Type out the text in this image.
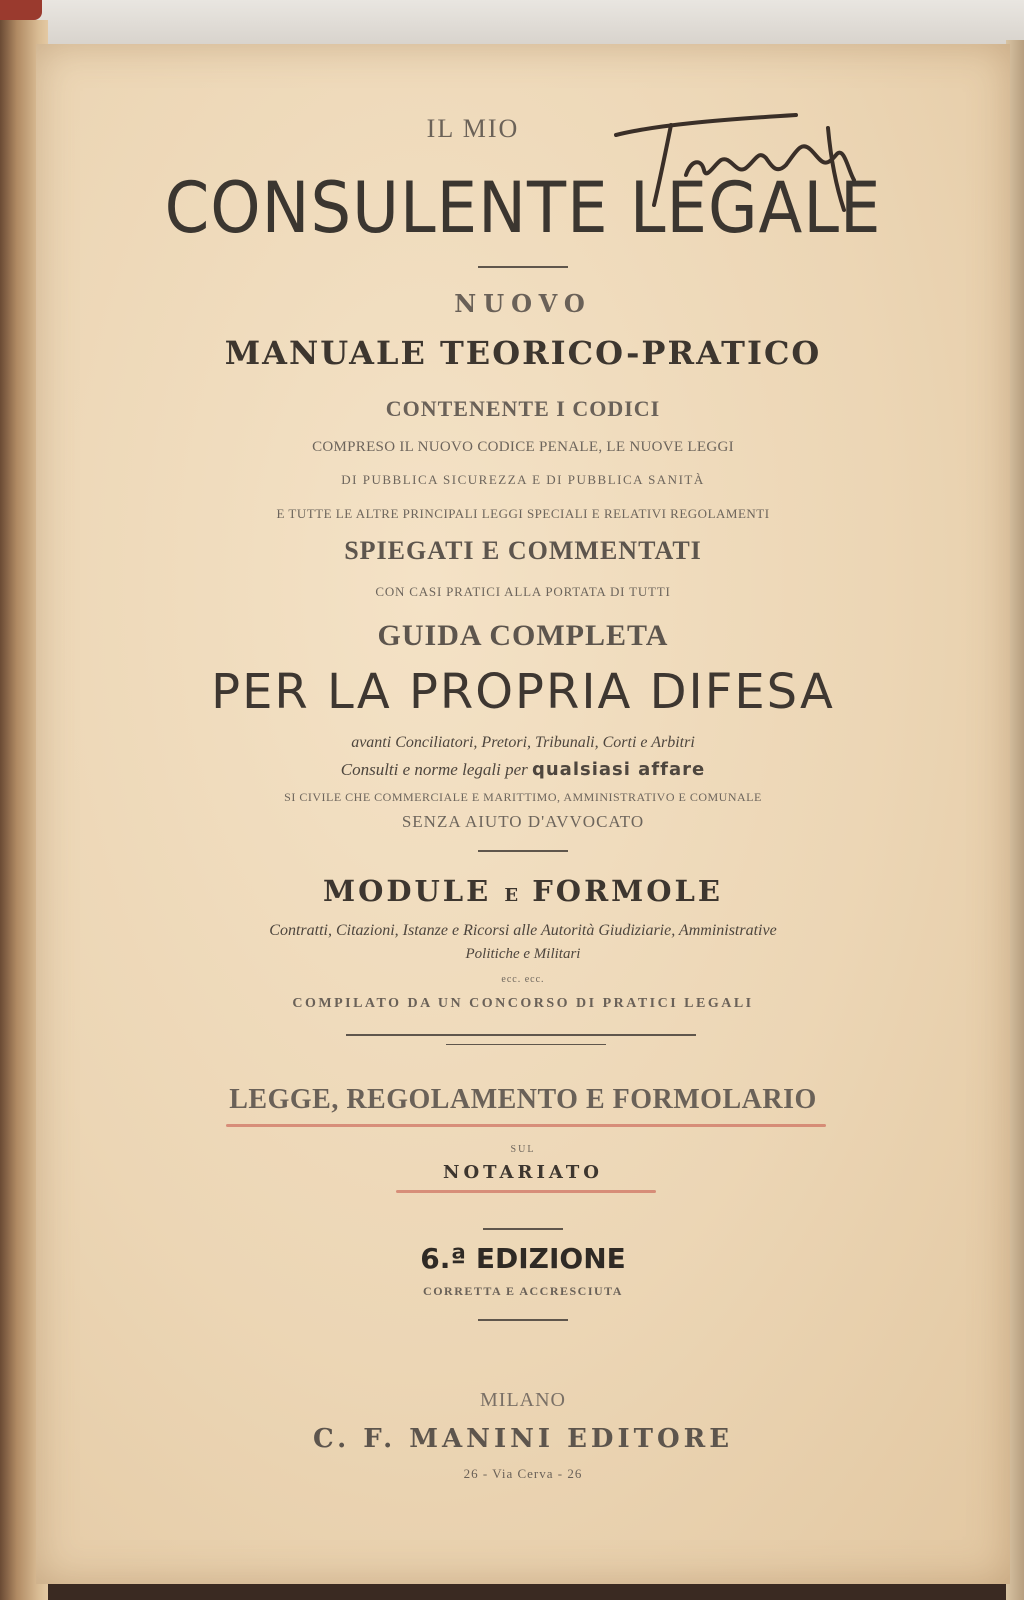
IL MIO
CONSULENTE LEGALE
NUOVO
MANUALE TEORICO-PRATICO
CONTENENTE I CODICI
COMPRESO IL NUOVO CODICE PENALE, LE NUOVE LEGGI
DI PUBBLICA SICUREZZA E DI PUBBLICA SANITÀ
E TUTTE LE ALTRE PRINCIPALI LEGGI SPECIALI E RELATIVI REGOLAMENTI
SPIEGATI E COMMENTATI
CON CASI PRATICI ALLA PORTATA DI TUTTI
GUIDA COMPLETA
PER LA PROPRIA DIFESA
avanti Conciliatori, Pretori, Tribunali, Corti e Arbitri
Consulti e norme legali per qualsiasi affare
SI CIVILE CHE COMMERCIALE E MARITTIMO, AMMINISTRATIVO E COMUNALE
SENZA AIUTO D'AVVOCATO
MODULE E FORMOLE
Contratti, Citazioni, Istanze e Ricorsi alle Autorità Giudiziarie, Amministrative
Politiche e Militari
ecc. ecc.
COMPILATO DA UN CONCORSO DI PRATICI LEGALI
LEGGE, REGOLAMENTO E FORMOLARIO
SUL
NOTARIATO
6.ª EDIZIONE
CORRETTA E ACCRESCIUTA
MILANO
C. F. MANINI EDITORE
26 - Via Cerva - 26
